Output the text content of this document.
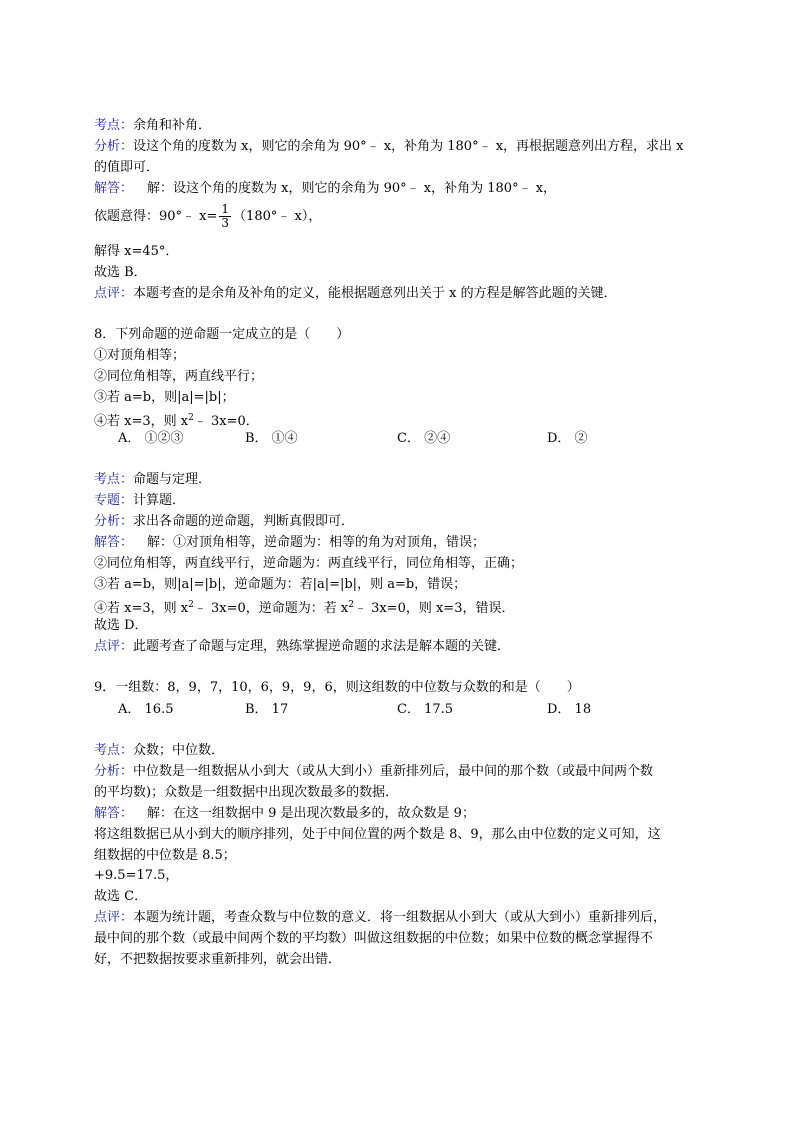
考点：余角和补角．
分析：设这个角的度数为 x，则它的余角为 90°﹣ x，补角为 180°﹣ x，再根据题意列出方程，求出 x
的值即可．
解答： 解：设这个角的度数为 x，则它的余角为 90°﹣ x，补角为 180°﹣ x，
依题意得：90°﹣ $x= \frac{1}{3}$ （180°﹣ x），
解得 x=45°．
故选 B．
点评：本题考查的是余角及补角的定义，能根据题意列出关于 x 的方程是解答此题的关键．
8．下列命题的逆命题一定成立的是（　　）
①对顶角相等；
②同位角相等，两直线平行；
③若 a=b，则|a|=|b|；
④若 x=3，则 $x^2﹣$ 3x=0．
A． ①②③	B． ①④	C． ②④	D． ②
考点：命题与定理．
专题：计算题．
分析：求出各命题的逆命题，判断真假即可．
解答： 解：①对顶角相等，逆命题为：相等的角为对顶角，错误；
②同位角相等，两直线平行，逆命题为：两直线平行，同位角相等，正确；
③若 a=b，则|a|=|b|，逆命题为：若|a|=|b|，则 a=b，错误；
④若 x=3，则 $x^2﹣$ 3x=0，逆命题为：若 $x^2﹣$ 3x=0，则 x=3，错误．
故选 D．
点评：此题考查了命题与定理，熟练掌握逆命题的求法是解本题的关键．
9．一组数：8，9，7，10，6，9，9，6，则这组数的中位数与众数的和是（　　）
A． 16.5	B． 17	C． 17.5	D． 18
考点：众数；中位数．
分析：中位数是一组数据从小到大（或从大到小）重新排列后，最中间的那个数（或最中间两个数
的平均数)；众数是一组数据中出现次数最多的数据．
解答： 解：在这一组数据中 9 是出现次数最多的，故众数是 9；
将这组数据已从小到大的顺序排列，处于中间位置的两个数是 8、9，那么由中位数的定义可知，这
组数据的中位数是 8.5；
+9.5=17.5，
故选 C．
点评：本题为统计题，考查众数与中位数的意义．将一组数据从小到大（或从大到小）重新排列后，
最中间的那个数（或最中间两个数的平均数）叫做这组数据的中位数；如果中位数的概念掌握得不
好，不把数据按要求重新排列，就会出错．
